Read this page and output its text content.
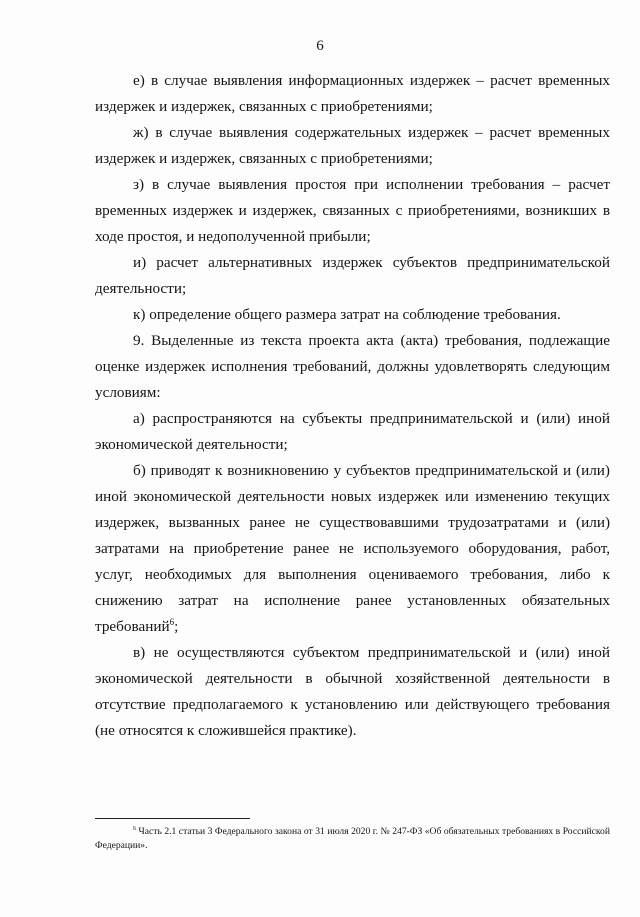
6

е) в случае выявления информационных издержек – расчет временных издержек и издержек, связанных с приобретениями;

ж) в случае выявления содержательных издержек – расчет временных издержек и издержек, связанных с приобретениями;

з) в случае выявления простоя при исполнении требования – расчет временных издержек и издержек, связанных с приобретениями, возникших в ходе простоя, и недополученной прибыли;

и) расчет альтернативных издержек субъектов предпринимательской деятельности;

к) определение общего размера затрат на соблюдение требования.

9. Выделенные из текста проекта акта (акта) требования, подлежащие оценке издержек исполнения требований, должны удовлетворять следующим условиям:

а) распространяются на субъекты предпринимательской и (или) иной экономической деятельности;

б) приводят к возникновению у субъектов предпринимательской и (или) иной экономической деятельности новых издержек или изменению текущих издержек, вызванных ранее не существовавшими трудозатратами и (или) затратами на приобретение ранее не используемого оборудования, работ, услуг, необходимых для выполнения оцениваемого требования, либо к снижению затрат на исполнение ранее установленных обязательных требований$^6$;

в) не осуществляются субъектом предпринимательской и (или) иной экономической деятельности в обычной хозяйственной деятельности в отсутствие предполагаемого к установлению или действующего требования (не относятся к сложившейся практике).

$^6$ Часть 2.1 статьи 3 Федерального закона от 31 июля 2020 г. № 247-ФЗ «Об обязательных требованиях в Российской Федерации».
